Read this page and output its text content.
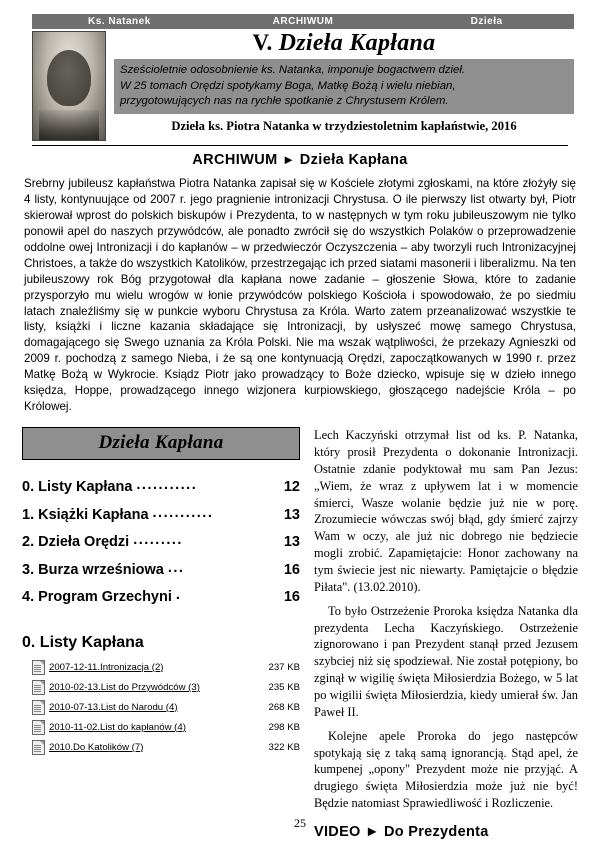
Ks. Natanek	ARCHIWUM	Dzieła
V. Dzieła Kapłana
Sześcioletnie odosobnienie ks. Natanka, imponuje bogactwem dzieł.
W 25 tomach Orędzi spotykamy Boga, Matkę Bożą i wielu niebian,
przygotowujących nas na rychłe spotkanie z Chrystusem Królem.
Dzieła ks. Piotra Natanka w trzydziestoletnim kapłaństwie, 2016
ARCHIWUM ► Dzieła Kapłana

Srebrny jubileusz kapłaństwa Piotra Natanka zapisał się w Kościele złotymi zgłoskami, na które złożyły się 4 listy, kontynuujące od 2007 r. jego pragnienie intronizacji Chrystusa. O ile pierwszy list otwarty był, Piotr skierował wprost do polskich biskupów i Prezydenta, to w następnych w tym roku jubileuszowym nie tylko ponowił apel do naszych przywódców, ale ponadto zwrócił się do wszystkich Polaków o przeprowadzenie oddolne owej Intronizacji i do kapłanów – w przedwieczór Oczyszczenia – aby tworzyli ruch Intronizacyjnej Christoes, a także do wszystkich Katolików, przestrzegając ich przed siatami masonerii i liberalizmu. Na ten jubileuszowy rok Bóg przygotował dla kapłana nowe zadanie – głoszenie Słowa, które to zadanie przysporzyło mu wielu wrogów w łonie przywódców polskiego Kościoła i spowodowało, że po siedmiu latach znaleźliśmy się w punkcie wyboru Chrystusa za Króla. Warto zatem przeanalizować wszystkie te listy, książki i liczne kazania składające się Intronizacji, by usłyszeć mowę samego Chrystusa, domagającego się Swego uznania za Króla Polski. Nie ma wszak wątpliwości, że przekazy Agnieszki od 2009 r. pochodzą z samego Nieba, i że są one kontynuacją Orędzi, zapoczątkowanych w 1990 r. przez Matkę Bożą w Wykrocie. Ksiądz Piotr jako prowadzący to Boże dziecko, wpisuje się w dzieło innego księdza, Hoppe, prowadzącego innego wizjonera kurpiowskiego, głoszącego nadejście Króla – po Królowej.

Dzieła Kapłana
0. Listy Kapłana ...........	12
1. Książki Kapłana ...........	13
2. Dzieła Orędzi .........	13
3. Burza wrześniowa ...	16
4. Program Grzechyni .	16
0. Listy Kapłana
2007-12-11.Intronizacja (2)	237 KB
2010-02-13.List do Przywódców (3)	235 KB
2010-07-13.List do Narodu (4)	268 KB
2010-11-02.List do kapłanów (4)	298 KB
2010.Do Katolików (7)	322 KB

Lech Kaczyński otrzymał list od ks. P. Natanka, który prosił Prezydenta o dokonanie Intronizacji. Ostatnie zdanie podyktował mu sam Pan Jezus: „Wiem, że wraz z upływem lat i w momencie śmierci, Wasze wolanie będzie już nie w porę. Zrozumiecie wówczas swój błąd, gdy śmierć zajrzy Wam w oczy, ale już nic dobrego nie będziecie mogli zrobić. Zapamiętajcie: Honor zachowany na tym świecie jest nic niewarty. Pamiętajcie o błędzie Piłata". (13.02.2010).

To było Ostrzeżenie Proroka księdza Natanka dla prezydenta Lecha Kaczyńskiego. Ostrzeżenie zignorowano i pan Prezydent stanął przed Jezusem szybciej niż się spodziewał. Nie został potępiony, bo zginął w wigilię święta Miłosierdzia Bożego, w 5 lat po wigilii święta Miłosierdzia, kiedy umierał św. Jan Paweł II.

Kolejne apele Proroka do jego następców spotykają się z taką samą ignorancją. Stąd apel, że kumpenej „opony" Prezydent może nie przyjąć. A drugiego święta Miłosierdzia może już nie być! Będzie natomiast Sprawiedliwość i Rozliczenie.

VIDEO ► Do Prezydenta
25
